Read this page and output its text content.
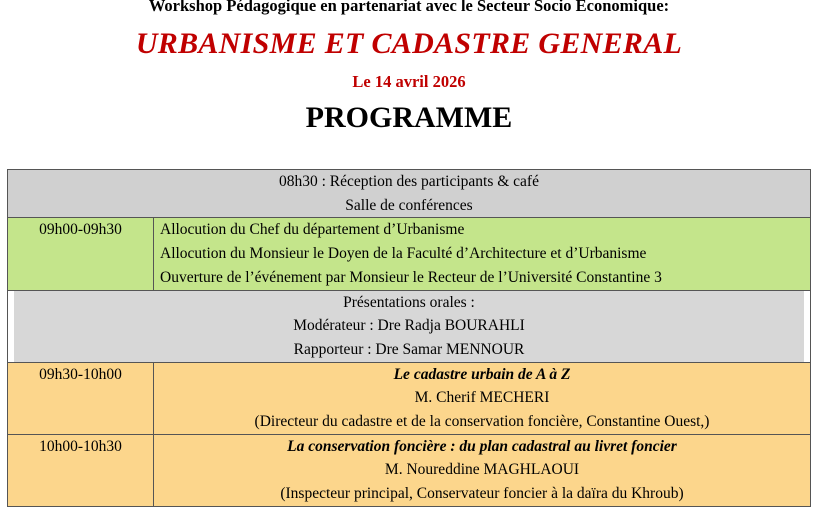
Workshop Pédagogique en partenariat avec le Secteur Socio Economique:
URBANISME ET CADASTRE GENERAL
Le 14 avril 2026
PROGRAMME
08h30 : Réception des participants & café
Salle de conférences	

09h00-09h30	Allocution du Chef du département d’Urbanisme
Allocution du Monsieur le Doyen de la Faculté d’Architecture et d’Urbanisme
Ouverture de l’événement par Monsieur le Recteur de l’Université Constantine 3

Présentations orales :
Modérateur : Dre Radja BOURAHLI
Rapporteur : Dre Samar MENNOUR	

09h30-10h00	Le cadastre urbain de A à Z
M. Cherif MECHERI
(Directeur du cadastre et de la conservation foncière, Constantine Ouest,)

10h00-10h30	La conservation foncière : du plan cadastral au livret foncier
M. Noureddine MAGHLAOUI
(Inspecteur principal, Conservateur foncier à la daïra du Khroub)
